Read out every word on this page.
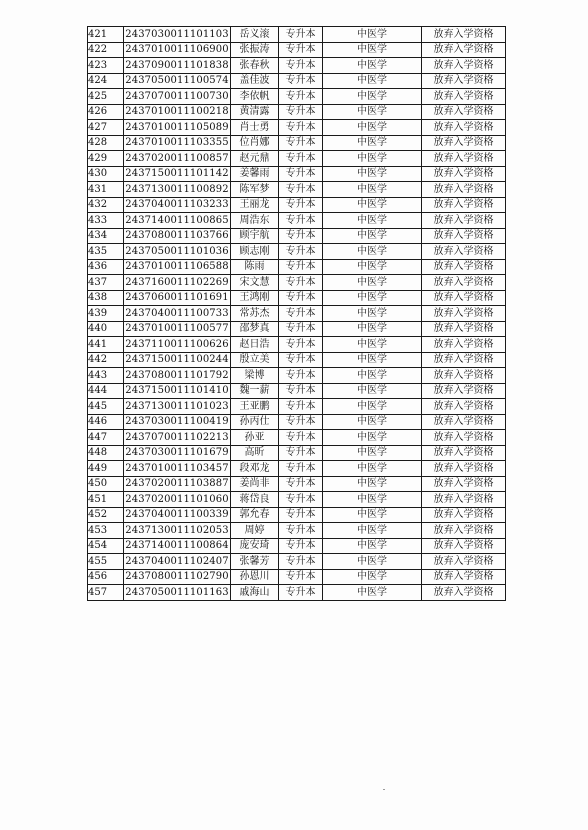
421	2437030011101103	岳义滚	专升本	中医学	放弃入学资格
422	2437010011106900	张振涛	专升本	中医学	放弃入学资格
423	2437090011101838	张春秋	专升本	中医学	放弃入学资格
424	2437050011100574	盖佳波	专升本	中医学	放弃入学资格
425	2437070011100730	李依帆	专升本	中医学	放弃入学资格
426	2437010011100218	黄清露	专升本	中医学	放弃入学资格
427	2437010011105089	肖士勇	专升本	中医学	放弃入学资格
428	2437010011103355	位肖娜	专升本	中医学	放弃入学资格
429	2437020011100857	赵元鼎	专升本	中医学	放弃入学资格
430	2437150011101142	姜馨雨	专升本	中医学	放弃入学资格
431	2437130011100892	陈军梦	专升本	中医学	放弃入学资格
432	2437040011103233	王丽龙	专升本	中医学	放弃入学资格
433	2437140011100865	周浩东	专升本	中医学	放弃入学资格
434	2437080011103766	顾宇航	专升本	中医学	放弃入学资格
435	2437050011101036	顾志刚	专升本	中医学	放弃入学资格
436	2437010011106588	陈雨	专升本	中医学	放弃入学资格
437	2437160011102269	宋文慧	专升本	中医学	放弃入学资格
438	2437060011101691	王鸿刚	专升本	中医学	放弃入学资格
439	2437040011100733	常苏杰	专升本	中医学	放弃入学资格
440	2437010011100577	邵梦真	专升本	中医学	放弃入学资格
441	2437110011100626	赵日浩	专升本	中医学	放弃入学资格
442	2437150011100244	殷立美	专升本	中医学	放弃入学资格
443	2437080011101792	梁博	专升本	中医学	放弃入学资格
444	2437150011101410	魏一薪	专升本	中医学	放弃入学资格
445	2437130011101023	王亚鹏	专升本	中医学	放弃入学资格
446	2437030011100419	孙丙仕	专升本	中医学	放弃入学资格
447	2437070011102213	孙亚	专升本	中医学	放弃入学资格
448	2437030011101679	高昕	专升本	中医学	放弃入学资格
449	2437010011103457	段邓龙	专升本	中医学	放弃入学资格
450	2437020011103887	姜尚非	专升本	中医学	放弃入学资格
451	2437020011101060	蒋岱良	专升本	中医学	放弃入学资格
452	2437040011100339	郭允春	专升本	中医学	放弃入学资格
453	2437130011102053	周婷	专升本	中医学	放弃入学资格
454	2437140011100864	庞安琦	专升本	中医学	放弃入学资格
455	2437040011102407	张馨芳	专升本	中医学	放弃入学资格
456	2437080011102790	孙恩川	专升本	中医学	放弃入学资格
457	2437050011101163	戚海山	专升本	中医学	放弃入学资格
